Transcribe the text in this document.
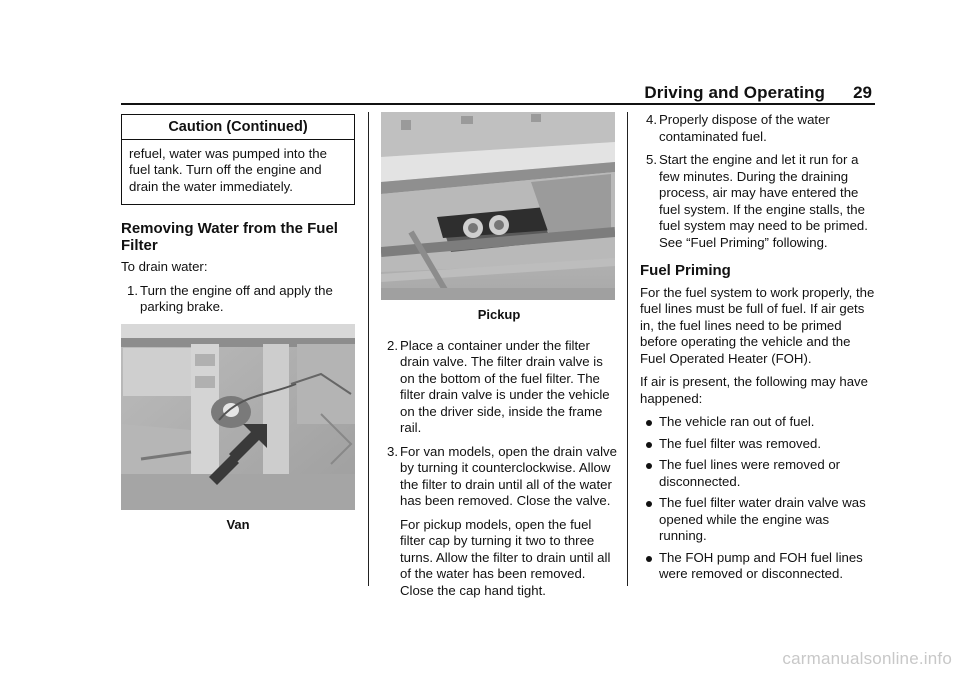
Driving and Operating 29
Caution (Continued)
refuel, water was pumped into the fuel tank. Turn off the engine and drain the water immediately.
Removing Water from the Fuel Filter

To drain water:

1. Turn the engine off and apply the parking brake.
Van
Pickup
2. Place a container under the filter drain valve. The filter drain valve is on the bottom of the fuel filter. The filter drain valve is under the vehicle on the driver side, inside the frame rail.
3. For van models, open the drain valve by turning it counterclockwise. Allow the filter to drain until all of the water has been removed. Close the valve.
For pickup models, open the fuel filter cap by turning it two to three turns. Allow the filter to drain until all of the water has been removed. Close the cap hand tight.
4. Properly dispose of the water contaminated fuel.
5. Start the engine and let it run for a few minutes. During the draining process, air may have entered the fuel system. If the engine stalls, the fuel system may need to be primed. See “Fuel Priming” following.
Fuel Priming

For the fuel system to work properly, the fuel lines must be full of fuel. If air gets in, the fuel lines need to be primed before operating the vehicle and the Fuel Operated Heater (FOH).

If air is present, the following may have happened:

The vehicle ran out of fuel.
The fuel filter was removed.
The fuel lines were removed or disconnected.
The fuel filter water drain valve was opened while the engine was running.
The FOH pump and FOH fuel lines were removed or disconnected.
carmanualsonline.info
